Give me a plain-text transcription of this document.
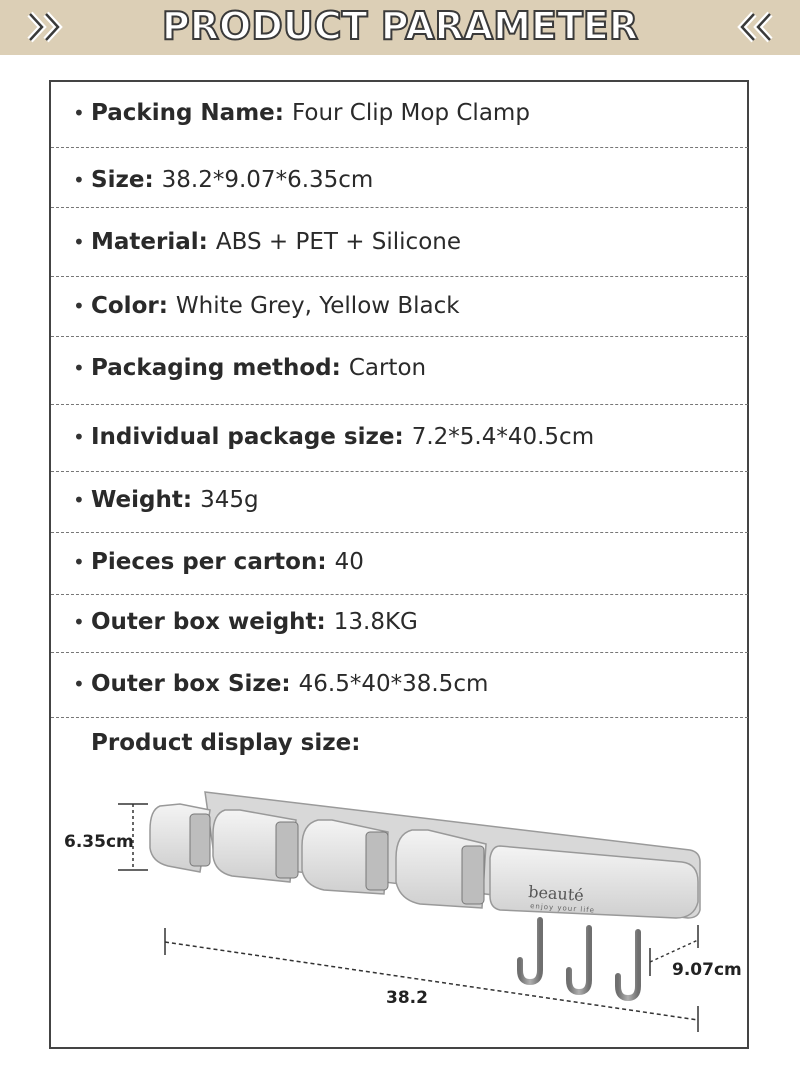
PRODUCT PARAMETER
• Packing Name: Four Clip Mop Clamp
• Size: 38.2*9.07*6.35cm
• Material: ABS + PET + Silicone
• Color: White Grey, Yellow Black
• Packaging method: Carton
• Individual package size: 7.2*5.4*40.5cm
• Weight: 345g
• Pieces per carton: 40
• Outer box weight: 13.8KG
• Outer box Size: 46.5*40*38.5cm
Product display size:
beauté
enjoy your life
6.35cm
38.2
9.07cm
